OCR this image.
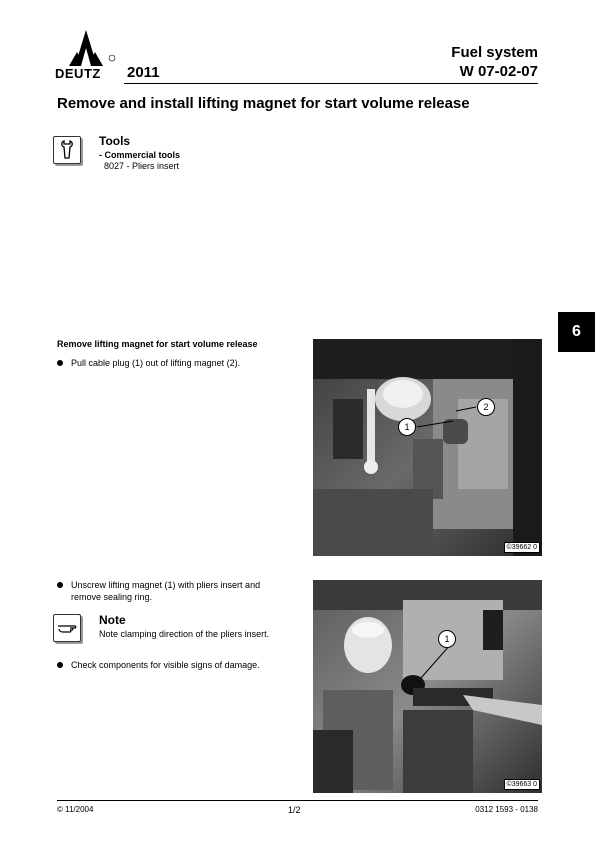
DEUTZ 2011
Fuel system
W 07-02-07
Remove and install lifting magnet for start volume release
6
Tools
- Commercial tools
8027 - Pliers insert
Remove lifting magnet for start volume release
Pull cable plug (1) out of lifting magnet (2).
Unscrew lifting magnet (1) with pliers insert and remove sealing ring.
Note
Note clamping direction of the pliers insert.
Check components for visible signs of damage.
1
2
©39662 0
1
©39663 0
© 11/2004	1/2	0312 1593 - 0138
